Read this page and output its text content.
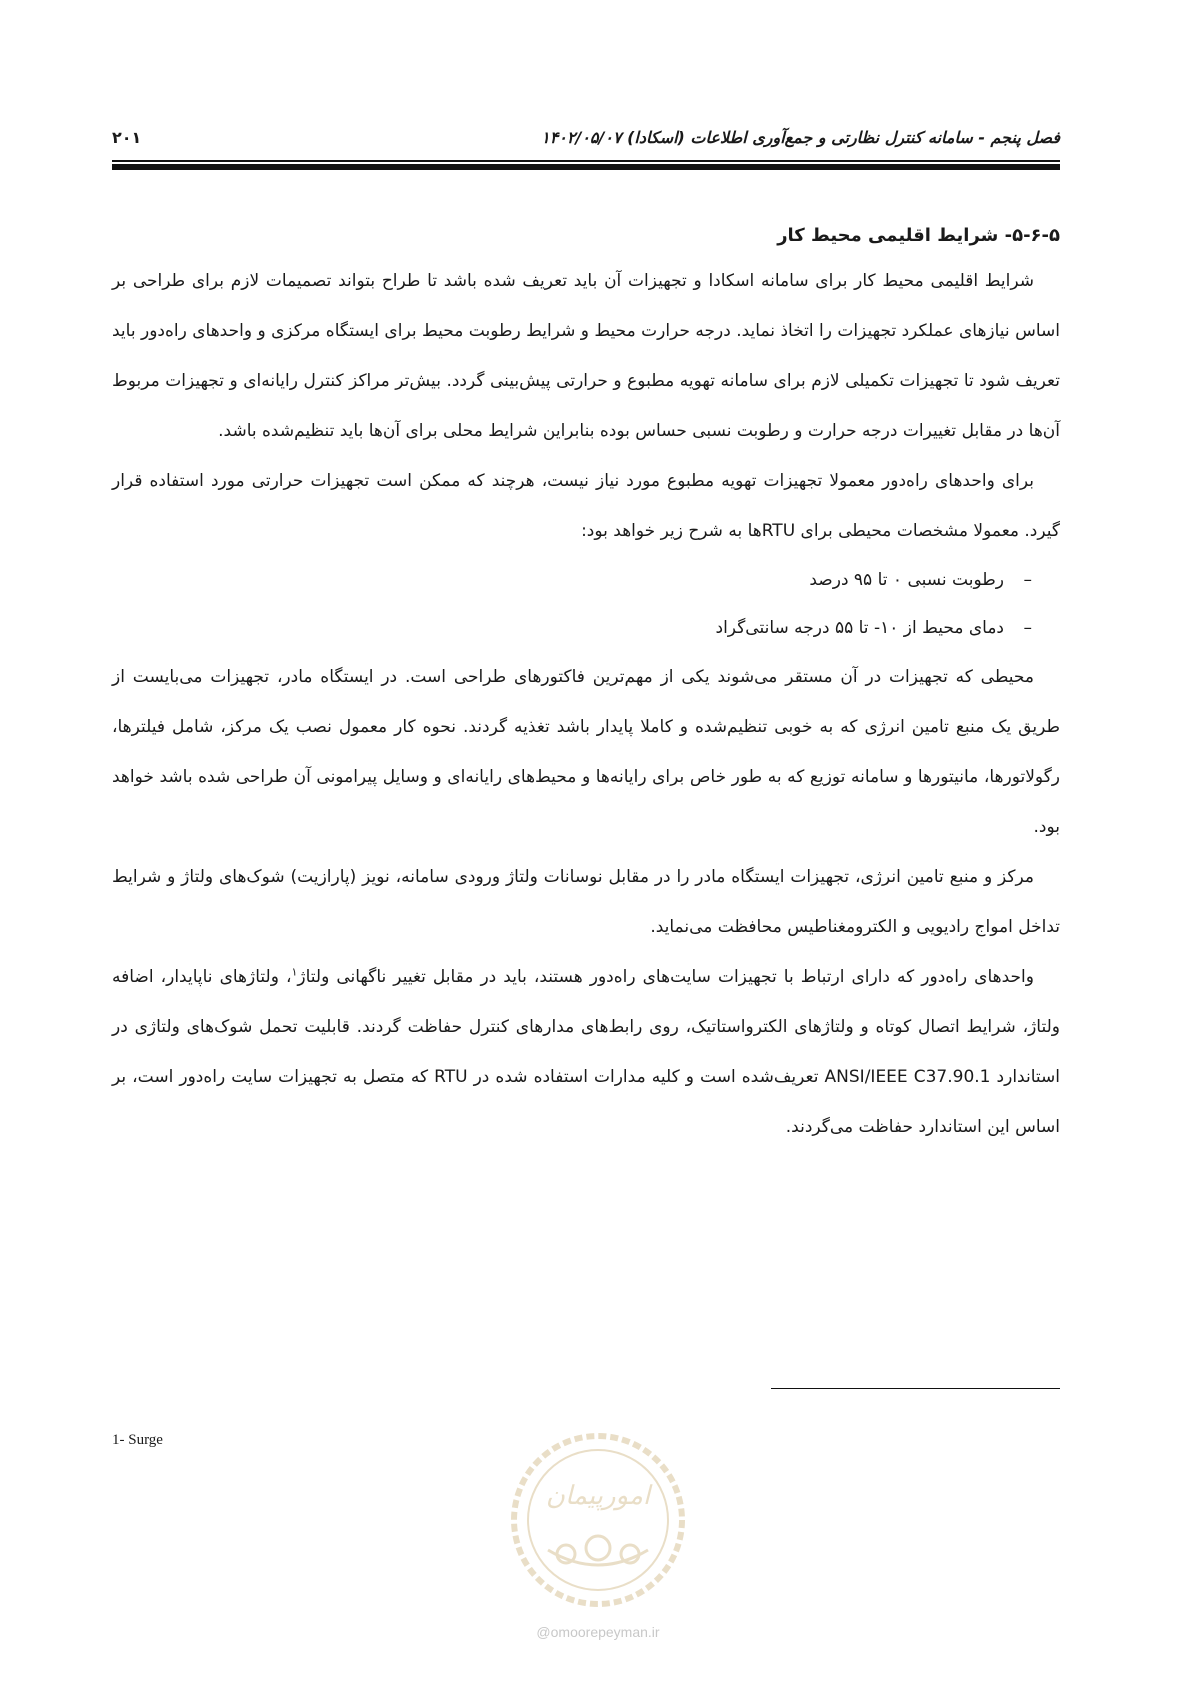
فصل پنجم - سامانه کنترل نظارتی و جمع‌آوری اطلاعات (اسکادا) ۱۴۰۲/۰۵/۰۷
۲۰۱
۵-۶-۵- شرایط اقلیمی محیط کار

شرایط اقلیمی محیط کار برای سامانه اسکادا و تجهیزات آن باید تعریف شده باشد تا طراح بتواند تصمیمات لازم برای طراحی بر اساس نیازهای عملکرد تجهیزات را اتخاذ نماید. درجه حرارت محیط و شرایط رطوبت محیط برای ایستگاه مرکزی و واحدهای راه‌دور باید تعریف شود تا تجهیزات تکمیلی لازم برای سامانه تهویه مطبوع و حرارتی پیش‌بینی گردد. بیش‌تر مراکز کنترل رایانه‌ای و تجهیزات مربوط آن‌ها در مقابل تغییرات درجه حرارت و رطوبت نسبی حساس بوده بنابراین شرایط محلی برای آن‌ها باید تنظیم‌شده باشد.

برای واحدهای راه‌دور معمولا تجهیزات تهویه مطبوع مورد نیاز نیست، هرچند که ممکن است تجهیزات حرارتی مورد استفاده قرار گیرد. معمولا مشخصات محیطی برای RTUها به شرح زیر خواهد بود:

–رطوبت نسبی ۰ تا ۹۵ درصد
–دمای محیط از ۱۰- تا ۵۵ درجه سانتی‌گراد

محیطی که تجهیزات در آن مستقر می‌شوند یکی از مهم‌ترین فاکتورهای طراحی است. در ایستگاه مادر، تجهیزات می‌بایست از طریق یک منبع تامین انرژی که به خوبی تنظیم‌شده و کاملا پایدار باشد تغذیه گردند. نحوه کار معمول نصب یک مرکز، شامل فیلترها، رگولاتورها، مانیتورها و سامانه توزیع که به طور خاص برای رایانه‌ها و محیط‌های رایانه‌ای و وسایل پیرامونی آن طراحی شده باشد خواهد بود.

مرکز و منبع تامین انرژی، تجهیزات ایستگاه مادر را در مقابل نوسانات ولتاژ ورودی سامانه، نویز (پارازیت) شوک‌های ولتاژ و شرایط تداخل امواج رادیویی و الکترومغناطیس محافظت می‌نماید.

واحدهای راه‌دور که دارای ارتباط با تجهیزات سایت‌های راه‌دور هستند، باید در مقابل تغییر ناگهانی ولتاژ$^۱$، ولتاژهای ناپایدار، اضافه ولتاژ، شرایط اتصال کوتاه و ولتاژهای الکترواستاتیک، روی رابط‌های مدارهای کنترل حفاظت گردند. قابلیت تحمل شوک‌های ولتاژی در استاندارد ANSI/IEEE C37.90.1 تعریف‌شده است و کلیه مدارات استفاده شده در RTU که متصل به تجهیزات سایت راه‌دور است، بر اساس این استاندارد حفاظت می‌گردند.

1- Surge
امورپیمان
@omoorepeyman.ir
